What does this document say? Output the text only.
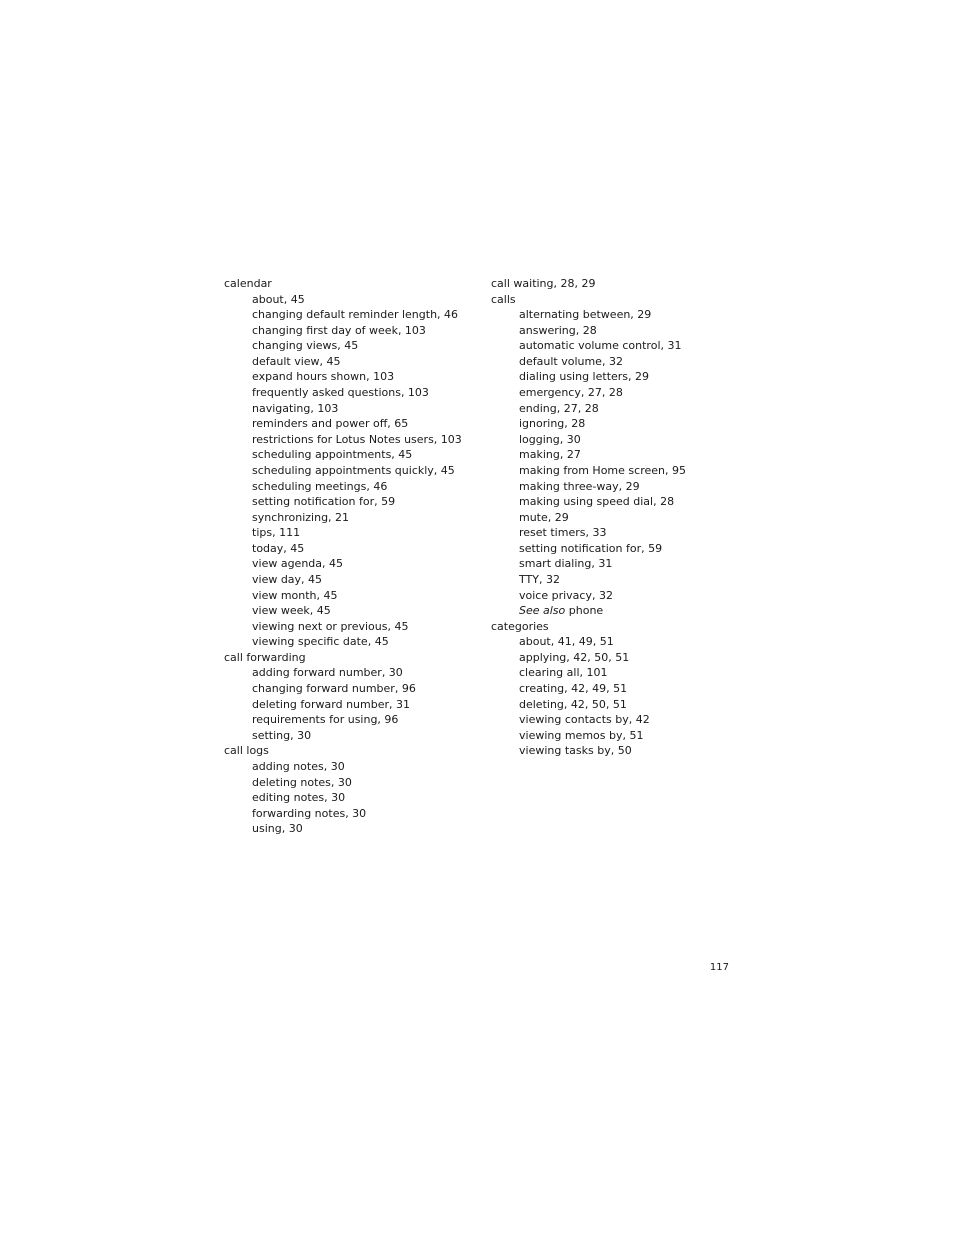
calendar
about, 45
changing default reminder length, 46
changing first day of week, 103
changing views, 45
default view, 45
expand hours shown, 103
frequently asked questions, 103
navigating, 103
reminders and power off, 65
restrictions for Lotus Notes users, 103
scheduling appointments, 45
scheduling appointments quickly, 45
scheduling meetings, 46
setting notification for, 59
synchronizing, 21
tips, 111
today, 45
view agenda, 45
view day, 45
view month, 45
view week, 45
viewing next or previous, 45
viewing specific date, 45
call forwarding
adding forward number, 30
changing forward number, 96
deleting forward number, 31
requirements for using, 96
setting, 30
call logs
adding notes, 30
deleting notes, 30
editing notes, 30
forwarding notes, 30
using, 30
call waiting, 28, 29
calls
alternating between, 29
answering, 28
automatic volume control, 31
default volume, 32
dialing using letters, 29
emergency, 27, 28
ending, 27, 28
ignoring, 28
logging, 30
making, 27
making from Home screen, 95
making three-way, 29
making using speed dial, 28
mute, 29
reset timers, 33
setting notification for, 59
smart dialing, 31
TTY, 32
voice privacy, 32
See also phone
categories
about, 41, 49, 51
applying, 42, 50, 51
clearing all, 101
creating, 42, 49, 51
deleting, 42, 50, 51
viewing contacts by, 42
viewing memos by, 51
viewing tasks by, 50
117
